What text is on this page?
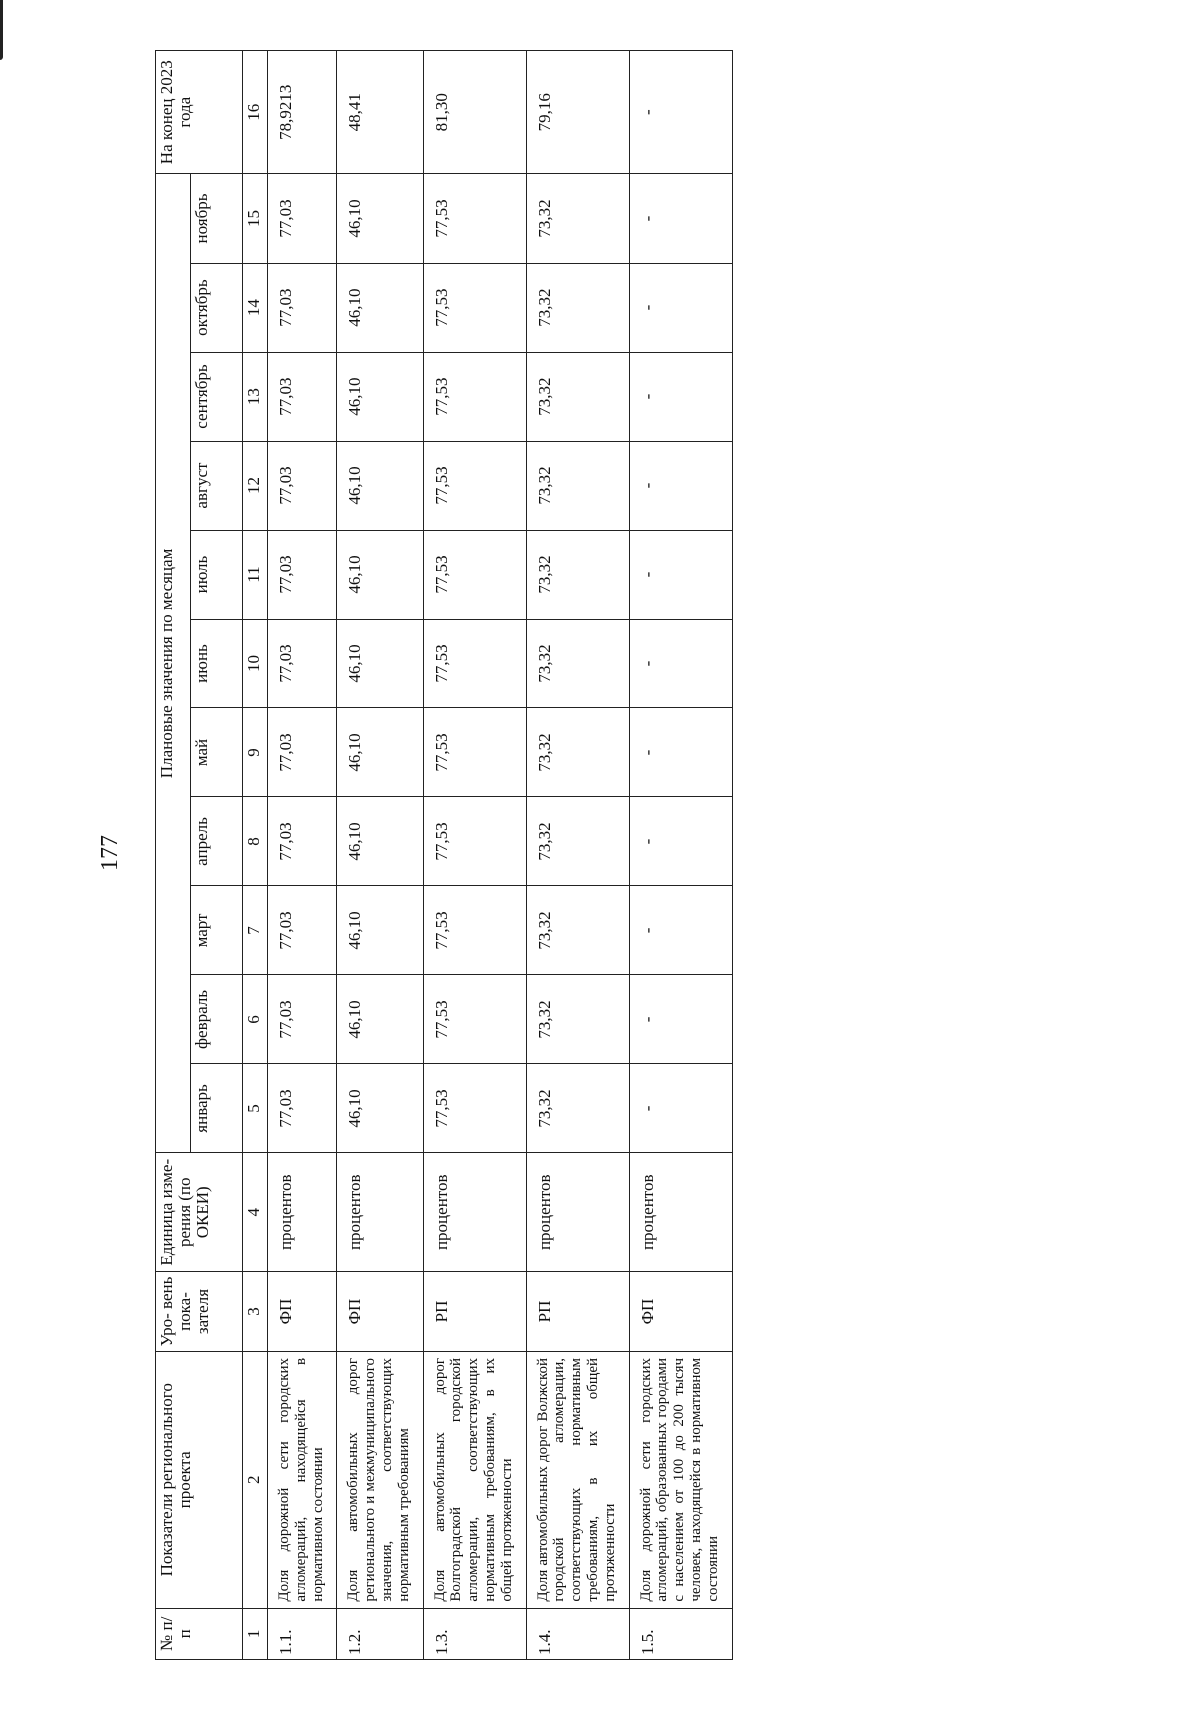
177
№ п/п	Показатели регионального проекта	Уро- вень пока- зателя	Единица изме- рения (по ОКЕИ)	Плановые значения по месяцам											На конец 2023 года
				январь	февраль	март	апрель	май	июнь	июль	август	сентябрь	октябрь	ноябрь	
1	2	3	4	5	6	7	8	9	10	11	12	13	14	15	16
1.1.	Доля дорожной сети городских агломераций, находящейся в нормативном состоянии	ФП	процентов	77,03	77,03	77,03	77,03	77,03	77,03	77,03	77,03	77,03	77,03	77,03	78,9213
1.2.	Доля автомобильных дорог регионального и межмуниципального значения, соответствующих нормативным требованиям	ФП	процентов	46,10	46,10	46,10	46,10	46,10	46,10	46,10	46,10	46,10	46,10	46,10	48,41
1.3.	Доля автомобильных дорог Волгоградской городской агломерации, соответствующих нормативным требованиям, в их общей протяженности	РП	процентов	77,53	77,53	77,53	77,53	77,53	77,53	77,53	77,53	77,53	77,53	77,53	81,30
1.4.	Доля автомобильных дорог Волжской городской агломерации, соответствующих нормативным требованиям, в их общей протяженности	РП	процентов	73,32	73,32	73,32	73,32	73,32	73,32	73,32	73,32	73,32	73,32	73,32	79,16
1.5.	Доля дорожной сети городских агломераций, образованных городами с населением от 100 до 200 тысяч человек, находящейся в нормативном состоянии	ФП	процентов	-	-	-	-	-	-	-	-	-	-	-	-
